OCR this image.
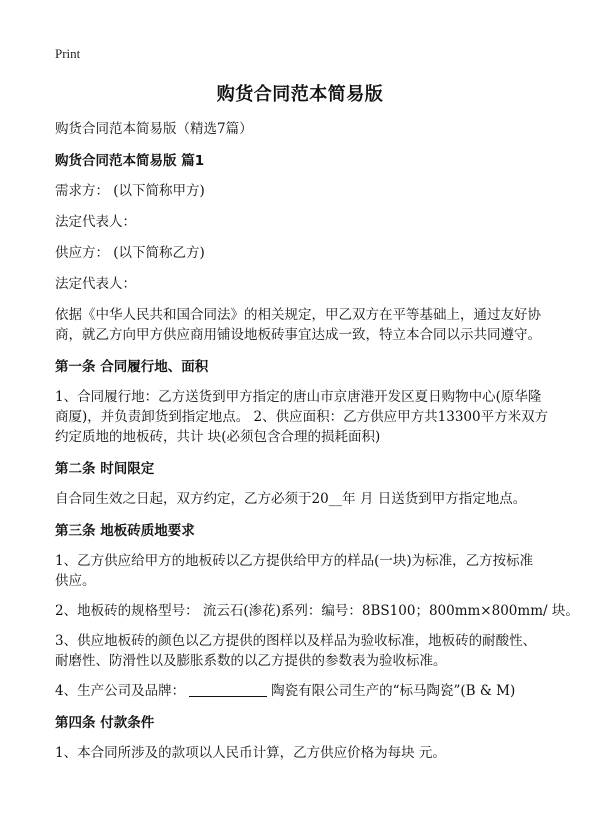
Print
购货合同范本简易版
购货合同范本简易版（精选7篇）
购货合同范本简易版 篇1
需求方： (以下简称甲方)
法定代表人：
供应方： (以下简称乙方)
法定代表人：
依据《中华人民共和国合同法》的相关规定，甲乙双方在平等基础上，通过友好协
商，就乙方向甲方供应商用铺设地板砖事宜达成一致，特立本合同以示共同遵守。
第一条 合同履行地、面积
1、合同履行地：乙方送货到甲方指定的唐山市京唐港开发区夏日购物中心(原华隆
商厦)，并负责卸货到指定地点。 2、供应面积：乙方供应甲方共13300平方米双方
约定质地的地板砖，共计 块(必须包含合理的损耗面积)
第二条 时间限定
自合同生效之日起，双方约定，乙方必须于20__年 月 日送货到甲方指定地点。
第三条 地板砖质地要求
1、乙方供应给甲方的地板砖以乙方提供给甲方的样品(一块)为标准，乙方按标准
供应。
2、地板砖的规格型号： 流云石(渗花)系列：编号：8BS100；800mm×800mm/ 块。
3、供应地板砖的颜色以乙方提供的图样以及样品为验收标准，地板砖的耐酸性、
耐磨性、防滑性以及膨胀系数的以乙方提供的参数表为验收标准。
4、生产公司及品牌：	陶瓷有限公司生产的“标马陶瓷”(B & M)
第四条 付款条件
1、本合同所涉及的款项以人民币计算，乙方供应价格为每块 元。
